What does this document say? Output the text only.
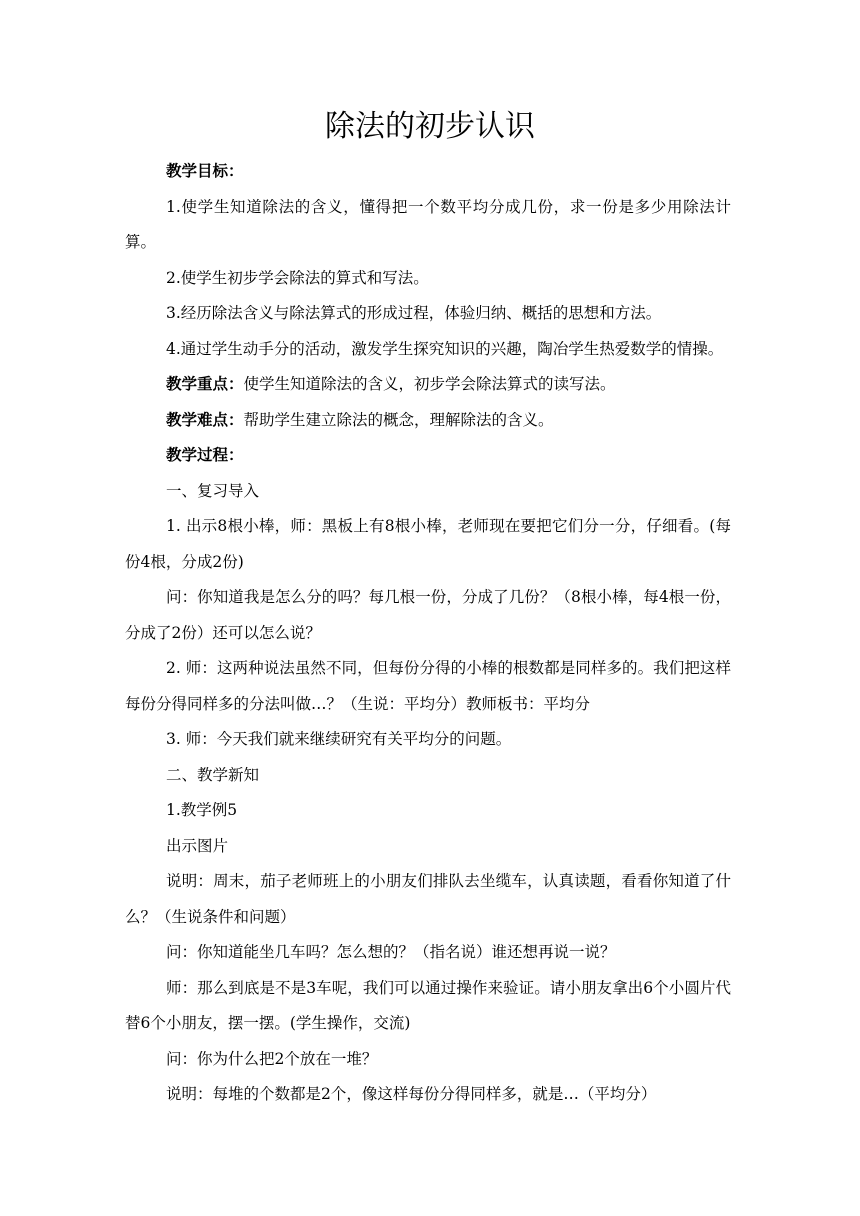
除法的初步认识

教学目标：

1.使学生知道除法的含义，懂得把一个数平均分成几份，求一份是多少用除法计算。

2.使学生初步学会除法的算式和写法。

3.经历除法含义与除法算式的形成过程，体验归纳、概括的思想和方法。

4.通过学生动手分的活动，激发学生探究知识的兴趣，陶冶学生热爱数学的情操。

教学重点：使学生知道除法的含义，初步学会除法算式的读写法。

教学难点：帮助学生建立除法的概念，理解除法的含义。

教学过程：

一、复习导入

1. 出示8根小棒，师：黑板上有8根小棒，老师现在要把它们分一分，仔细看。(每份4根，分成2份)

问：你知道我是怎么分的吗？每几根一份，分成了几份？（8根小棒，每4根一份，分成了2份）还可以怎么说？

2. 师：这两种说法虽然不同，但每份分得的小棒的根数都是同样多的。我们把这样每份分得同样多的分法叫做…？（生说：平均分）教师板书：平均分

3. 师：今天我们就来继续研究有关平均分的问题。

二、教学新知

1.教学例5

出示图片

说明：周末，茄子老师班上的小朋友们排队去坐缆车，认真读题，看看你知道了什么？（生说条件和问题）

问：你知道能坐几车吗？怎么想的？（指名说）谁还想再说一说？

师：那么到底是不是3车呢，我们可以通过操作来验证。请小朋友拿出6个小圆片代替6个小朋友，摆一摆。(学生操作，交流)

问：你为什么把2个放在一堆？

说明：每堆的个数都是2个，像这样每份分得同样多，就是…（平均分）
